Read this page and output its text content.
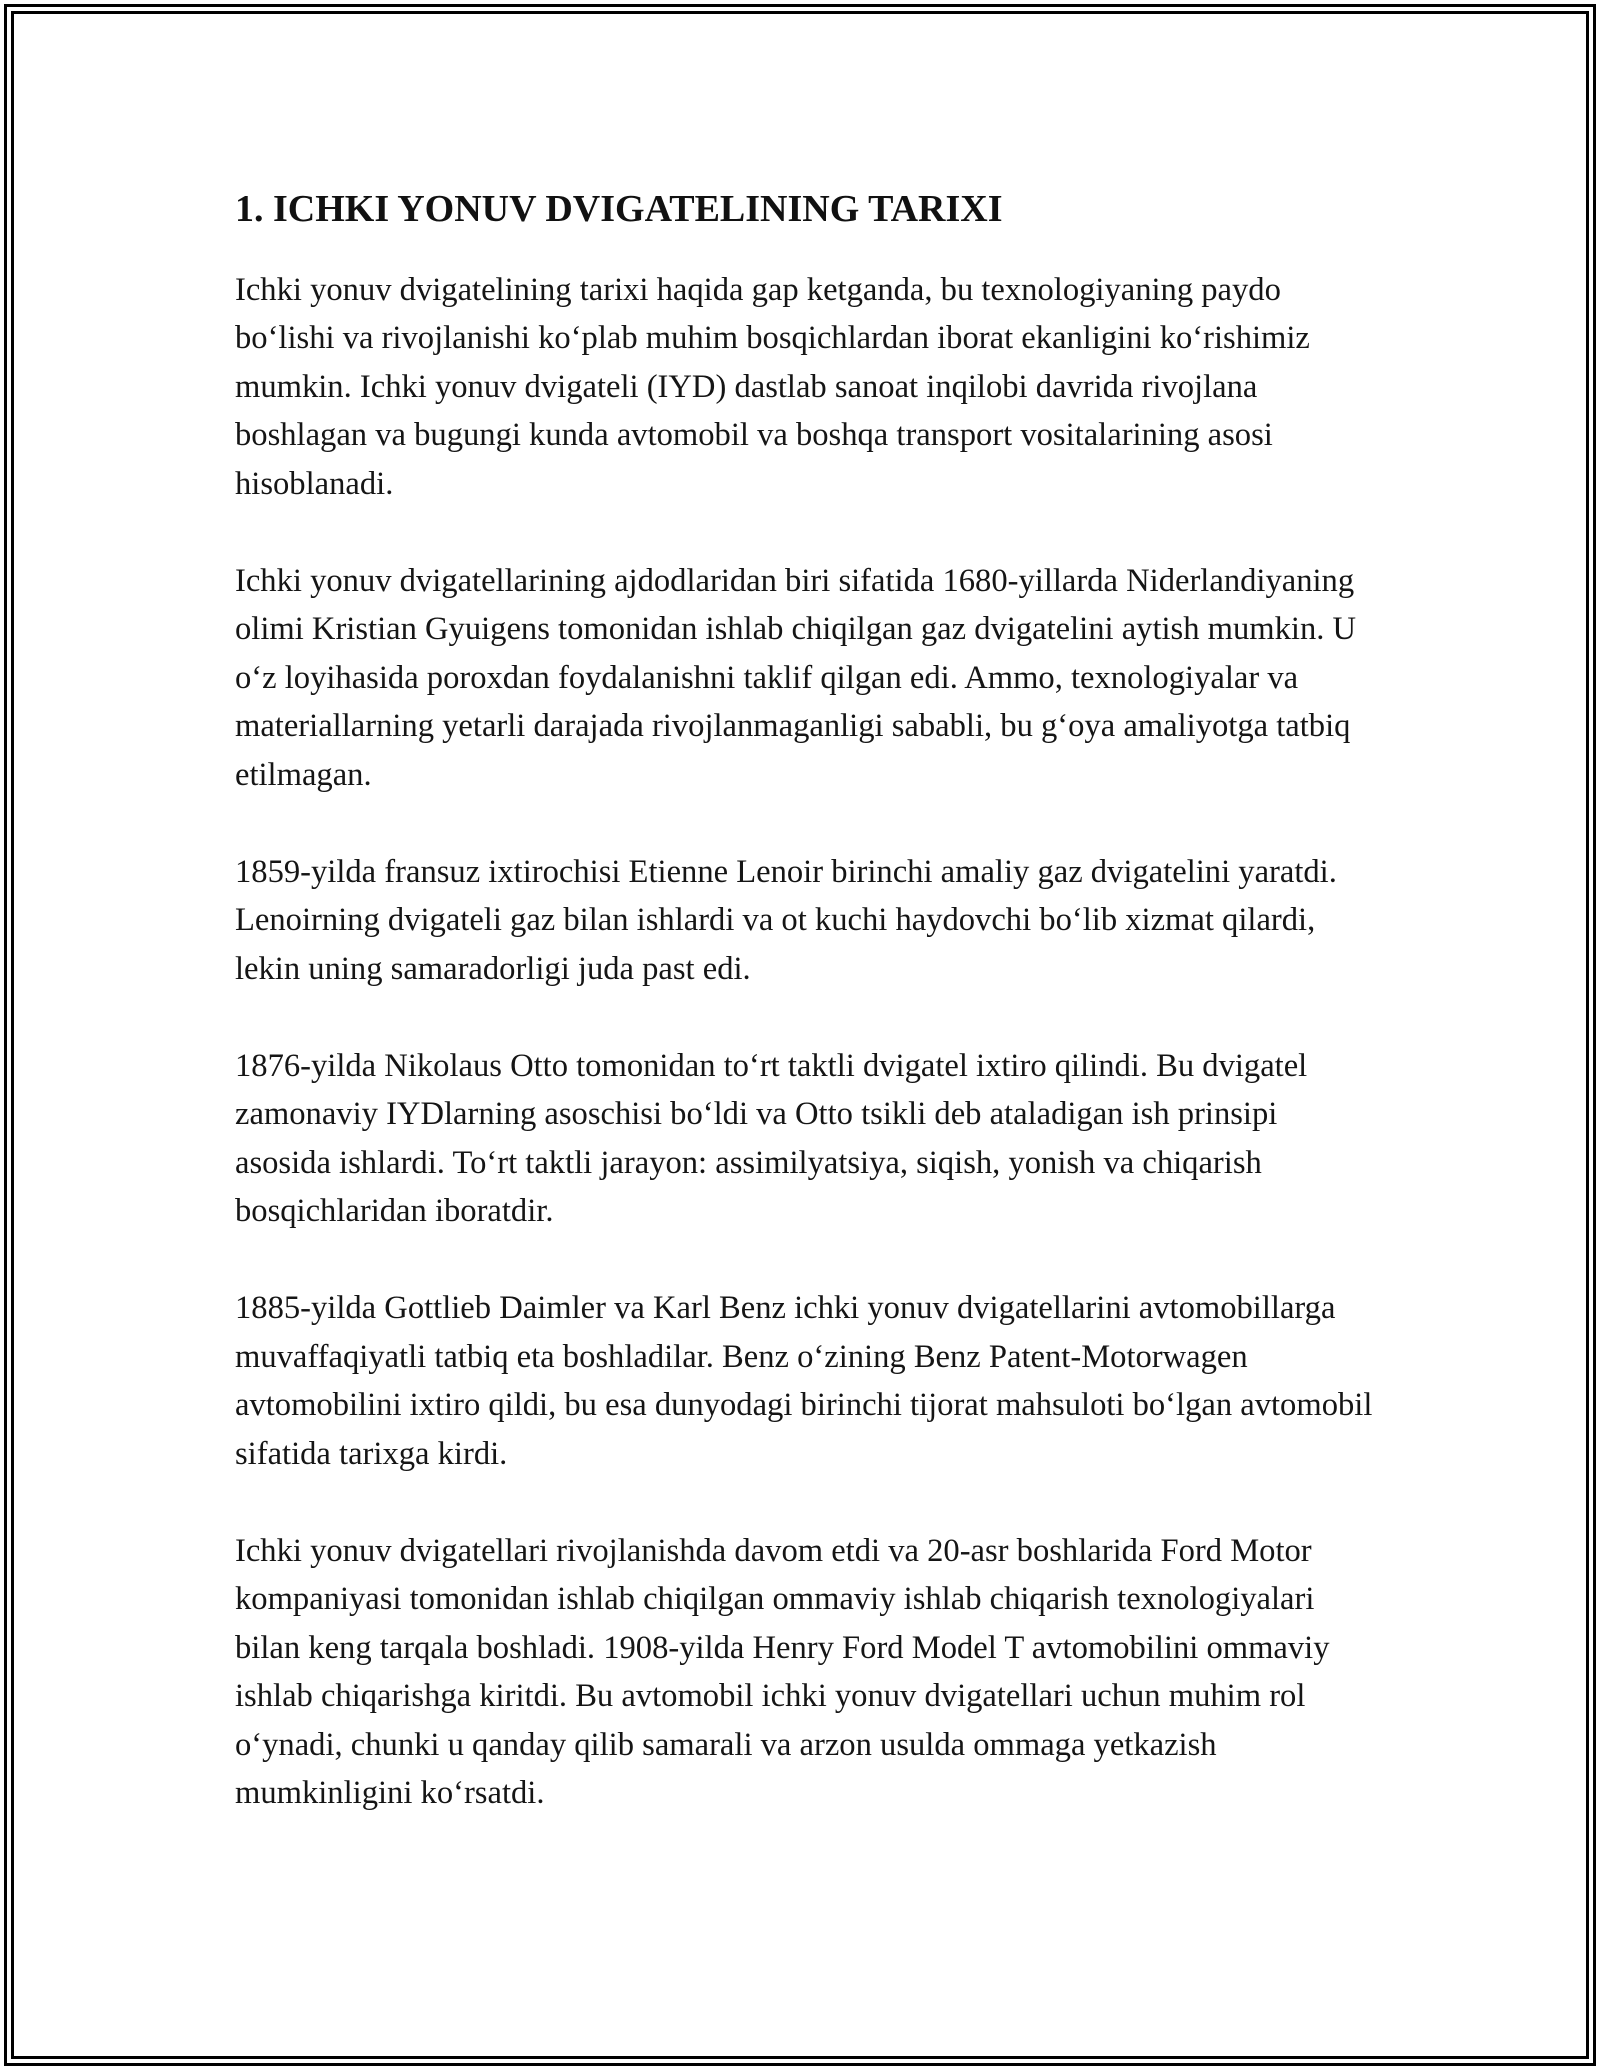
1. ICHKI YONUV DVIGATELINING TARIXI

Ichki yonuv dvigatelining tarixi haqida gap ketganda, bu texnologiyaning paydo bo‘lishi va rivojlanishi ko‘plab muhim bosqichlardan iborat ekanligini ko‘rishimiz mumkin. Ichki yonuv dvigateli (IYD) dastlab sanoat inqilobi davrida rivojlana boshlagan va bugungi kunda avtomobil va boshqa transport vositalarining asosi hisoblanadi.

Ichki yonuv dvigatellarining ajdodlaridan biri sifatida 1680-yillarda Niderlandiyaning olimi Kristian Gyuigens tomonidan ishlab chiqilgan gaz dvigatelini aytish mumkin. U o‘z loyihasida poroxdan foydalanishni taklif qilgan edi. Ammo, texnologiyalar va materiallarning yetarli darajada rivojlanmaganligi sababli, bu g‘oya amaliyotga tatbiq etilmagan.

1859-yilda fransuz ixtirochisi Etienne Lenoir birinchi amaliy gaz dvigatelini yaratdi. Lenoirning dvigateli gaz bilan ishlardi va ot kuchi haydovchi bo‘lib xizmat qilardi, lekin uning samaradorligi juda past edi.

1876-yilda Nikolaus Otto tomonidan to‘rt taktli dvigatel ixtiro qilindi. Bu dvigatel zamonaviy IYDlarning asoschisi bo‘ldi va Otto tsikli deb ataladigan ish prinsipi asosida ishlardi. To‘rt taktli jarayon: assimilyatsiya, siqish, yonish va chiqarish bosqichlaridan iboratdir.

1885-yilda Gottlieb Daimler va Karl Benz ichki yonuv dvigatellarini avtomobillarga muvaffaqiyatli tatbiq eta boshladilar. Benz o‘zining Benz Patent-Motorwagen avtomobilini ixtiro qildi, bu esa dunyodagi birinchi tijorat mahsuloti bo‘lgan avtomobil sifatida tarixga kirdi.

Ichki yonuv dvigatellari rivojlanishda davom etdi va 20-asr boshlarida Ford Motor kompaniyasi tomonidan ishlab chiqilgan ommaviy ishlab chiqarish texnologiyalari bilan keng tarqala boshladi. 1908-yilda Henry Ford Model T avtomobilini ommaviy ishlab chiqarishga kiritdi. Bu avtomobil ichki yonuv dvigatellari uchun muhim rol o‘ynadi, chunki u qanday qilib samarali va arzon usulda ommaga yetkazish mumkinligini ko‘rsatdi.
